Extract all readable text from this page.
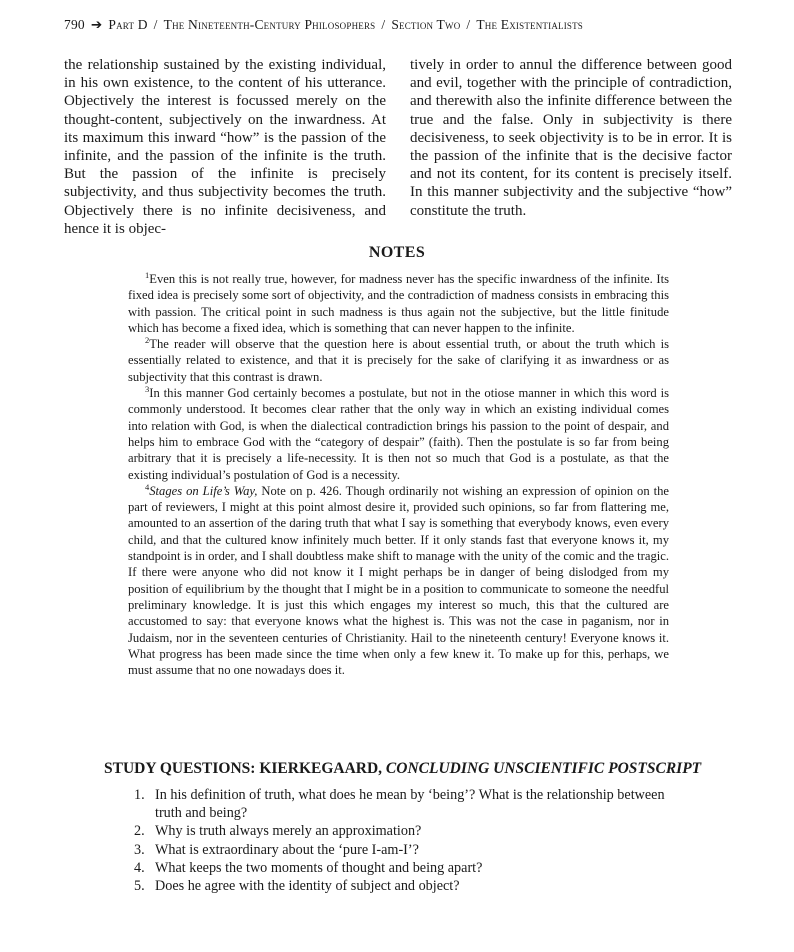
790 ➔ Part D / The Nineteenth-Century Philosophers / Section Two / The Existentialists

the relationship sustained by the existing individual, in his own existence, to the content of his utterance. Objectively the interest is focussed merely on the thought-content, subjectively on the inwardness. At its maximum this inward “how” is the passion of the infinite, and the passion of the infinite is the truth. But the passion of the infinite is precisely subjectivity, and thus subjectivity becomes the truth. Objectively there is no infinite decisiveness, and hence it is objec-

tively in order to annul the difference between good and evil, together with the principle of contradiction, and therewith also the infinite difference between the true and the false. Only in subjectivity is there decisiveness, to seek objectivity is to be in error. It is the passion of the infinite that is the decisive factor and not its content, for its content is precisely itself. In this manner subjectivity and the subjective “how” constitute the truth.

NOTES

$^1$Even this is not really true, however, for madness never has the specific inwardness of the infinite. Its fixed idea is precisely some sort of objectivity, and the contradiction of madness consists in embracing this with passion. The critical point in such madness is thus again not the subjective, but the little finitude which has become a fixed idea, which is something that can never happen to the infinite.

$^2$The reader will observe that the question here is about essential truth, or about the truth which is essentially related to existence, and that it is precisely for the sake of clarifying it as inwardness or as subjectivity that this contrast is drawn.

$^3$In this manner God certainly becomes a postulate, but not in the otiose manner in which this word is commonly understood. It becomes clear rather that the only way in which an existing individual comes into relation with God, is when the dialectical contradiction brings his passion to the point of despair, and helps him to embrace God with the “category of despair” (faith). Then the postulate is so far from being arbitrary that it is precisely a life-necessity. It is then not so much that God is a postulate, as that the existing individual’s postulation of God is a necessity.

$^4$Stages on Life’s Way, Note on p. 426. Though ordinarily not wishing an expression of opinion on the part of reviewers, I might at this point almost desire it, provided such opinions, so far from flattering me, amounted to an assertion of the daring truth that what I say is something that everybody knows, even every child, and that the cultured know infinitely much better. If it only stands fast that everyone knows it, my standpoint is in order, and I shall doubtless make shift to manage with the unity of the comic and the tragic. If there were anyone who did not know it I might perhaps be in danger of being dislodged from my position of equilibrium by the thought that I might be in a position to communicate to someone the needful preliminary knowledge. It is just this which engages my interest so much, this that the cultured are accustomed to say: that everyone knows what the highest is. This was not the case in paganism, nor in Judaism, nor in the seventeen centuries of Christianity. Hail to the nineteenth century! Everyone knows it. What progress has been made since the time when only a few knew it. To make up for this, perhaps, we must assume that no one nowadays does it.

STUDY QUESTIONS: KIERKEGAARD, CONCLUDING UNSCIENTIFIC POSTSCRIPT
1. In his definition of truth, what does he mean by ‘being’? What is the relationship between truth and being?
2. Why is truth always merely an approximation?
3. What is extraordinary about the ‘pure I-am-I’?
4. What keeps the two moments of thought and being apart?
5. Does he agree with the identity of subject and object?
